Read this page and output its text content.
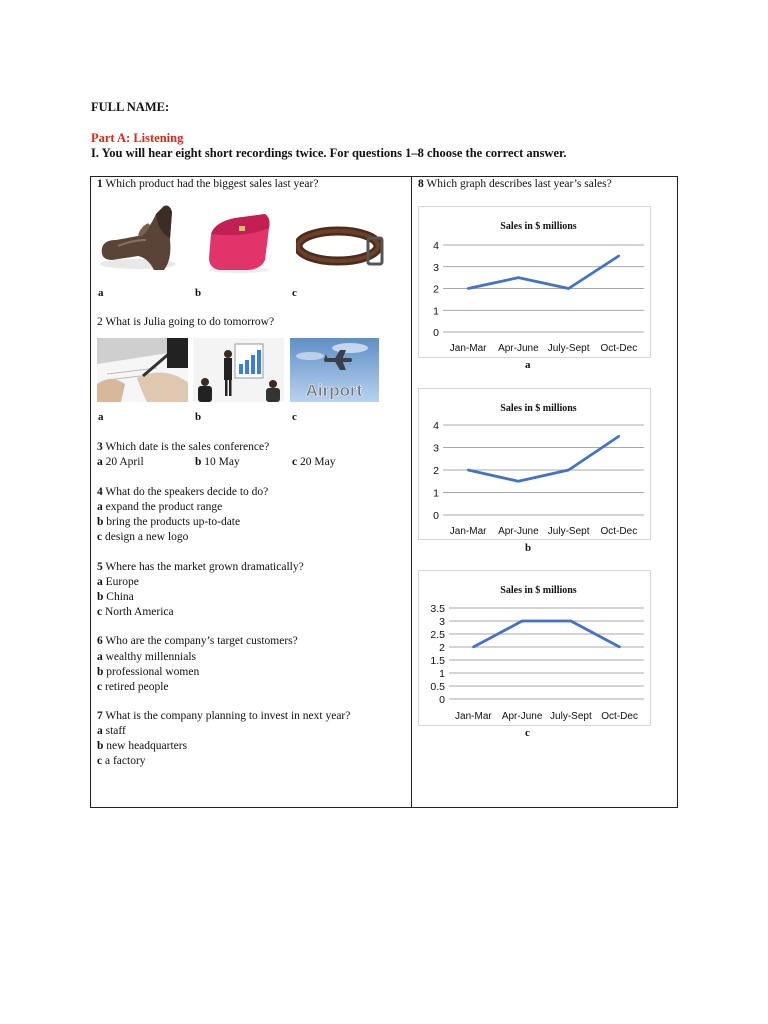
FULL NAME:
Part A: Listening
I. You will hear eight short recordings twice. For questions 1–8 choose the correct answer.
1 Which product had the biggest sales last year?
a	b	c
2 What is Julia going to do tomorrow?
Airport
a	b	c
3 Which date is the sales conference?
a 20 April	b 10 May	c 20 May
4 What do the speakers decide to do?
a expand the product range
b bring the products up-to-date
c design a new logo
5 Where has the market grown dramatically?
a Europe
b China
c North America
6 Who are the company’s target customers?
a wealthy millennials
b professional women
c retired people
7 What is the company planning to invest in next year?
a staff
b new headquarters
c a factory
8 Which graph describes last year’s sales?
Sales in $ millions
0
1
2
3
4
Jan-Mar Apr-June July-Sept Oct-Dec
a
Sales in $ millions
0
1
2
3
4
Jan-Mar Apr-June July-Sept Oct-Dec
b
Sales in $ millions
0
0.5
1
1.5
2
2.5
3
3.5
Jan-Mar Apr-June July-Sept Oct-Dec
c
